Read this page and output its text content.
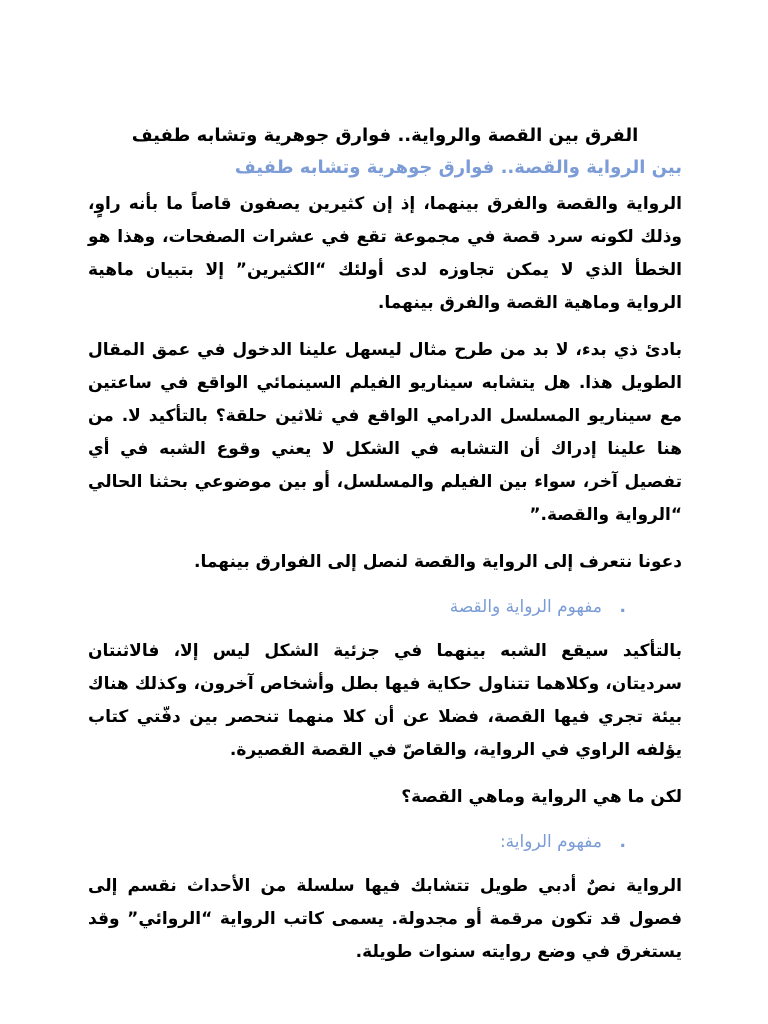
الفرق بين القصة والرواية.. فوارق جوهرية وتشابه طفيف
بين الرواية والقصة.. فوارق جوهرية وتشابه طفيف

الرواية والقصة والفرق بينهما، إذ إن كثيرين يصفون قاصاً ما بأنه راوٍ، وذلك لكونه سرد قصة في مجموعة تقع في عشرات الصفحات، وهذا هو الخطأ الذي لا يمكن تجاوزه لدى أولئك “الكثيرين” إلا بتبيان ماهية الرواية وماهية القصة والفرق بينهما.

بادئ ذي بدء، لا بد من طرح مثال ليسهل علينا الدخول في عمق المقال الطويل هذا. هل يتشابه سيناريو الفيلم السينمائي الواقع في ساعتين مع سيناريو المسلسل الدرامي الواقع في ثلاثين حلقة؟ بالتأكيد لا. من هنا علينا إدراك أن التشابه في الشكل لا يعني وقوع الشبه في أي تفصيل آخر، سواء بين الفيلم والمسلسل، أو بين موضوعي بحثنا الحالي “الرواية والقصة.”

دعونا نتعرف إلى الرواية والقصة لنصل إلى الفوارق بينهما.

.
مفهوم الرواية والقصة

بالتأكيد سيقع الشبه بينهما في جزئية الشكل ليس إلا، فالاثنتان سرديتان، وكلاهما تتناول حكاية فيها بطل وأشخاص آخرون، وكذلك هناك بيئة تجري فيها القصة، فضلا عن أن كلا منهما تنحصر بين دفّتي كتاب يؤلفه الراوي في الرواية، والقاصّ في القصة القصيرة.

لكن ما هي الرواية وماهي القصة؟

.
مفهوم الرواية:

الرواية نصٌ أدبي طويل تتشابك فيها سلسلة من الأحداث نقسم إلى فصول قد تكون مرقمة أو مجدولة. يسمى كاتب الرواية “الروائي” وقد يستغرق في وضع روايته سنوات طويلة.
